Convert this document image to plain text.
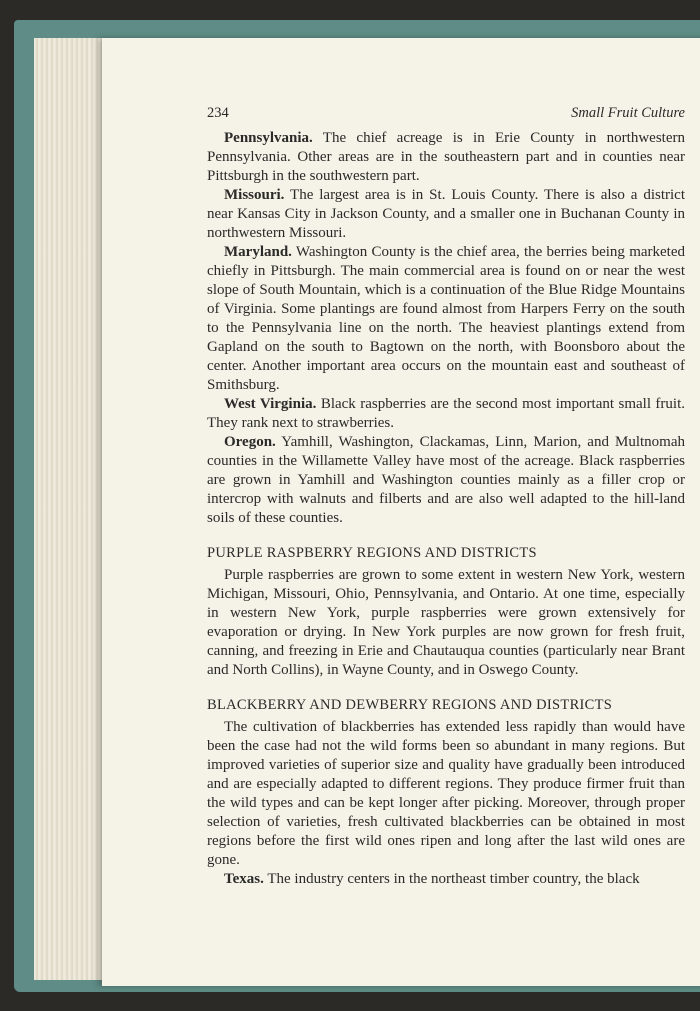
234	Small Fruit Culture

Pennsylvania. The chief acreage is in Erie County in northwestern Pennsylvania. Other areas are in the southeastern part and in counties near Pittsburgh in the southwestern part.

Missouri. The largest area is in St. Louis County. There is also a district near Kansas City in Jackson County, and a smaller one in Buchanan County in northwestern Missouri.

Maryland. Washington County is the chief area, the berries being marketed chiefly in Pittsburgh. The main commercial area is found on or near the west slope of South Mountain, which is a continuation of the Blue Ridge Mountains of Virginia. Some plantings are found almost from Harpers Ferry on the south to the Pennsylvania line on the north. The heaviest plantings extend from Gapland on the south to Bagtown on the north, with Boonsboro about the center. Another important area occurs on the mountain east and southeast of Smithsburg.

West Virginia. Black raspberries are the second most important small fruit. They rank next to strawberries.

Oregon. Yamhill, Washington, Clackamas, Linn, Marion, and Multnomah counties in the Willamette Valley have most of the acreage. Black raspberries are grown in Yamhill and Washington counties mainly as a filler crop or intercrop with walnuts and filberts and are also well adapted to the hill-land soils of these counties.

PURPLE RASPBERRY REGIONS AND DISTRICTS

Purple raspberries are grown to some extent in western New York, western Michigan, Missouri, Ohio, Pennsylvania, and Ontario. At one time, especially in western New York, purple raspberries were grown extensively for evaporation or drying. In New York purples are now grown for fresh fruit, canning, and freezing in Erie and Chautauqua counties (particularly near Brant and North Collins), in Wayne County, and in Oswego County.

BLACKBERRY AND DEWBERRY REGIONS AND DISTRICTS

The cultivation of blackberries has extended less rapidly than would have been the case had not the wild forms been so abundant in many regions. But improved varieties of superior size and quality have gradually been introduced and are especially adapted to different regions. They produce firmer fruit than the wild types and can be kept longer after picking. Moreover, through proper selection of varieties, fresh cultivated blackberries can be obtained in most regions before the first wild ones ripen and long after the last wild ones are gone.

Texas. The industry centers in the northeast timber country, the black
